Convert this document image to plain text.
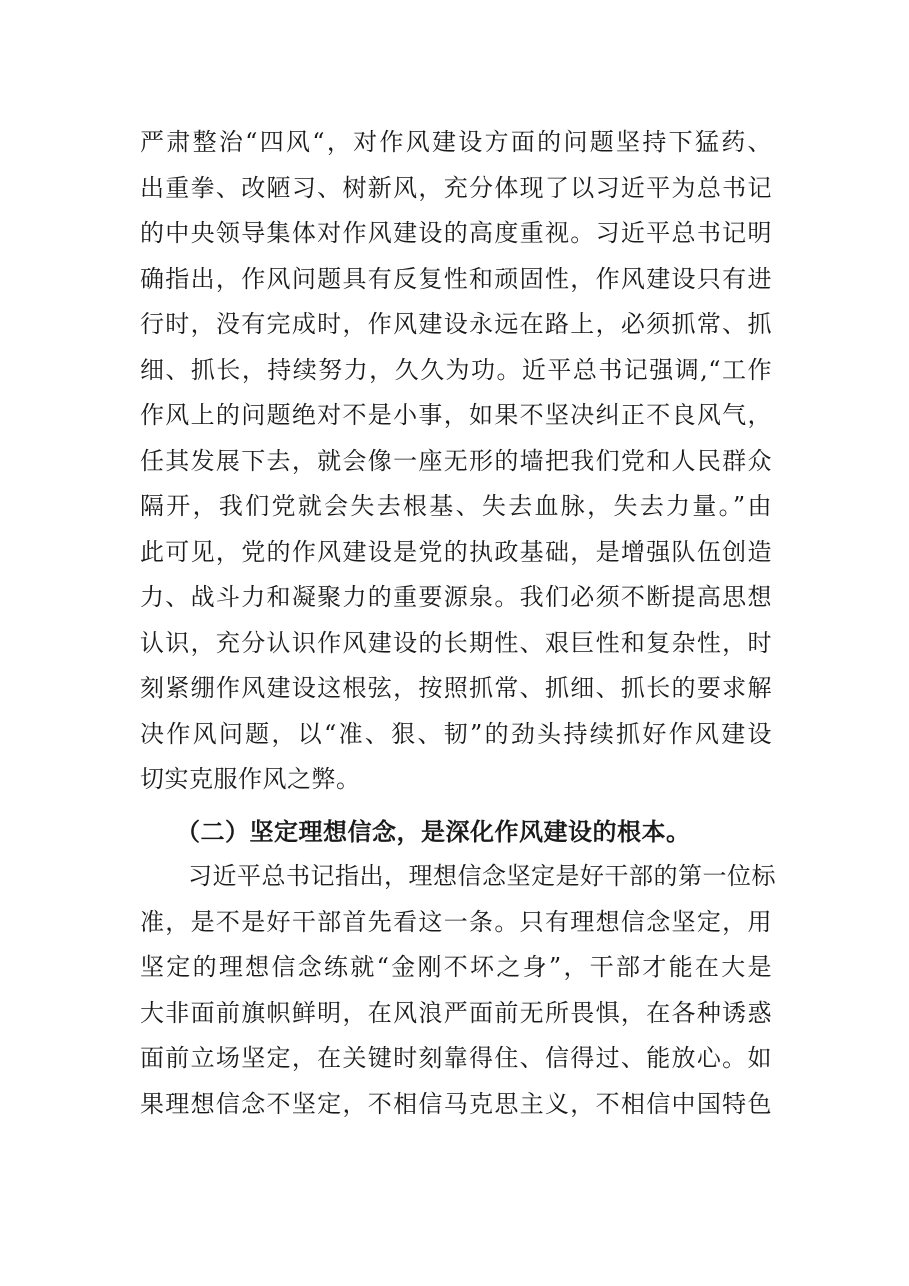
严肃整治“四风“，对作风建设方面的问题坚持下猛药、
出重拳、改陋习、树新风，充分体现了以习近平为总书记
的中央领导集体对作风建设的高度重视。习近平总书记明
确指出，作风问题具有反复性和顽固性，作风建设只有进
行时，没有完成时，作风建设永远在路上，必须抓常、抓
细、抓长，持续努力，久久为功。近平总书记强调,“工作
作风上的问题绝对不是小事，如果不坚决纠正不良风气，
任其发展下去，就会像一座无形的墙把我们党和人民群众
隔开，我们党就会失去根基、失去血脉，失去力量。”由
此可见，党的作风建设是党的执政基础，是增强队伍创造
力、战斗力和凝聚力的重要源泉。我们必须不断提高思想
认识，充分认识作风建设的长期性、艰巨性和复杂性，时
刻紧绷作风建设这根弦，按照抓常、抓细、抓长的要求解
决作风问题，以“准、狠、韧”的劲头持续抓好作风建设
切实克服作风之弊。
（二）坚定理想信念，是深化作风建设的根本。
习近平总书记指出，理想信念坚定是好干部的第一位标
准，是不是好干部首先看这一条。只有理想信念坚定，用
坚定的理想信念练就“金刚不坏之身”，干部才能在大是
大非面前旗帜鲜明，在风浪严面前无所畏惧，在各种诱惑
面前立场坚定，在关键时刻靠得住、信得过、能放心。如
果理想信念不坚定，不相信马克思主义，不相信中国特色
